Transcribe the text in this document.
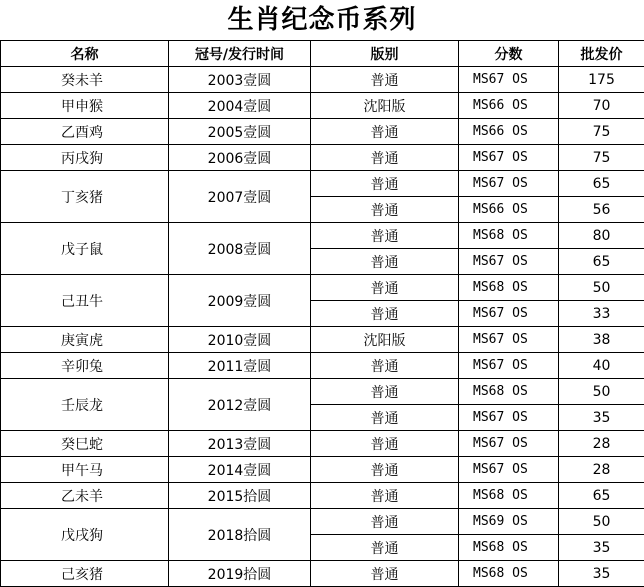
生肖纪念币系列
名称	冠号/发行时间	版别	分数	批发价
癸未羊	2003壹圆	普通	MS67 OS	175
甲申猴	2004壹圆	沈阳版	MS66 OS	70
乙酉鸡	2005壹圆	普通	MS66 OS	75
丙戌狗	2006壹圆	普通	MS67 OS	75
丁亥猪	2007壹圆	普通	MS67 OS	65
		普通	MS66 OS	56
戊子鼠	2008壹圆	普通	MS68 OS	80
		普通	MS67 OS	65
己丑牛	2009壹圆	普通	MS68 OS	50
		普通	MS67 OS	33
庚寅虎	2010壹圆	沈阳版	MS67 OS	38
辛卯兔	2011壹圆	普通	MS67 OS	40
壬辰龙	2012壹圆	普通	MS68 OS	50
		普通	MS67 OS	35
癸巳蛇	2013壹圆	普通	MS67 OS	28
甲午马	2014壹圆	普通	MS67 OS	28
乙未羊	2015拾圆	普通	MS68 OS	65
戊戌狗	2018拾圆	普通	MS69 OS	50
		普通	MS68 OS	35
己亥猪	2019拾圆	普通	MS68 OS	35
